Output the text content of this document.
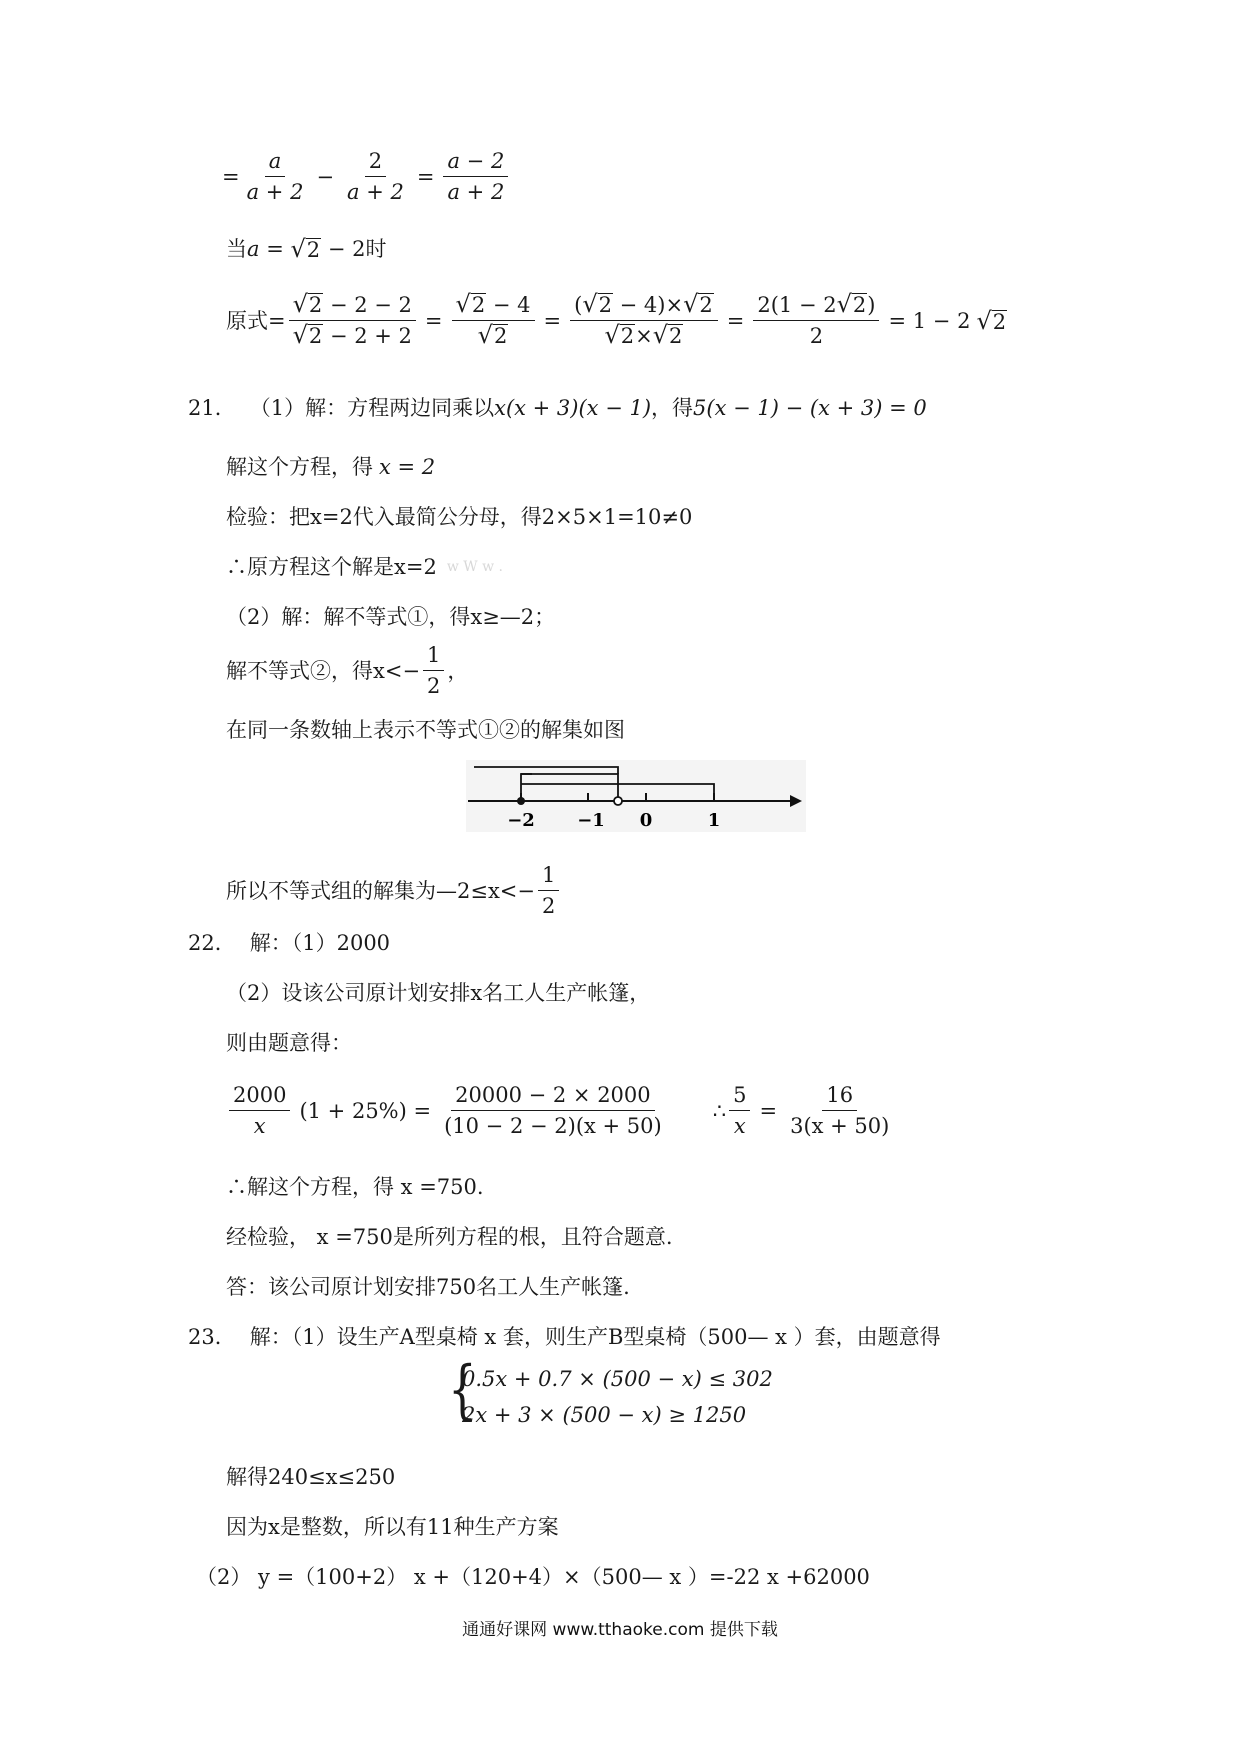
= $\frac{a}{a + 2} - \frac{2}{a + 2} = \frac{a - 2}{a + 2}$
当 a = √ 2 − 2时
原式= $\frac{√ 2 - 2 - 2}{√ 2 - 2 + 2} = \frac{√ 2 - 4}{√ 2} = \frac{( √ 2 - 4)\times √ 2}{√ 2 \times √ 2} = \frac{2(1 - 2 √ 2 )}{2} = 1 - 2$ √ 2
21． （1）解：方程两边同乘以 x(x + 3)(x − 1) ，得 5(x − 1) − (x + 3) = 0
解这个方程，得 x = 2
检验：把x=2代入最简公分母，得2×5×1=10≠0
∴原方程这个解是x=2 w W w .
（2）解：解不等式①，得x≥—2；
解不等式②，得$x<- \frac{1}{2}$ ，
在同一条数轴上表示不等式①②的解集如图
−2 −1 0	1
所以不等式组的解集为—2≤x<− $\frac{1}{2}$
22． 解：（1）2000
（2）设该公司原计划安排x名工人生产帐篷，
则由题意得：
$\frac{2000}{x} (1 + 25\%) = \frac{20000 - 2 \times 2000}{(10 - 2 - 2)(x + 50)}$ ∴ $\frac{5}{x} = \frac{16}{3(x + 50)}$
∴解这个方程，得 x =750.
经检验， x =750是所列方程的根，且符合题意.
答：该公司原计划安排750名工人生产帐篷.
23． 解：（1）设生产A型桌椅 x 套，则生产B型桌椅（500— x ）套，由题意得
{
0.5x + 0.7 × (500 − x) ≤ 302
2x + 3 × (500 − x) ≥ 1250
解得240≤x≤250
因为x是整数，所以有11种生产方案
（2） y =（100+2） x +（120+4）×（500— x ）=-22 x +62000
通通好课网 www.tthaoke.com 提供下载
